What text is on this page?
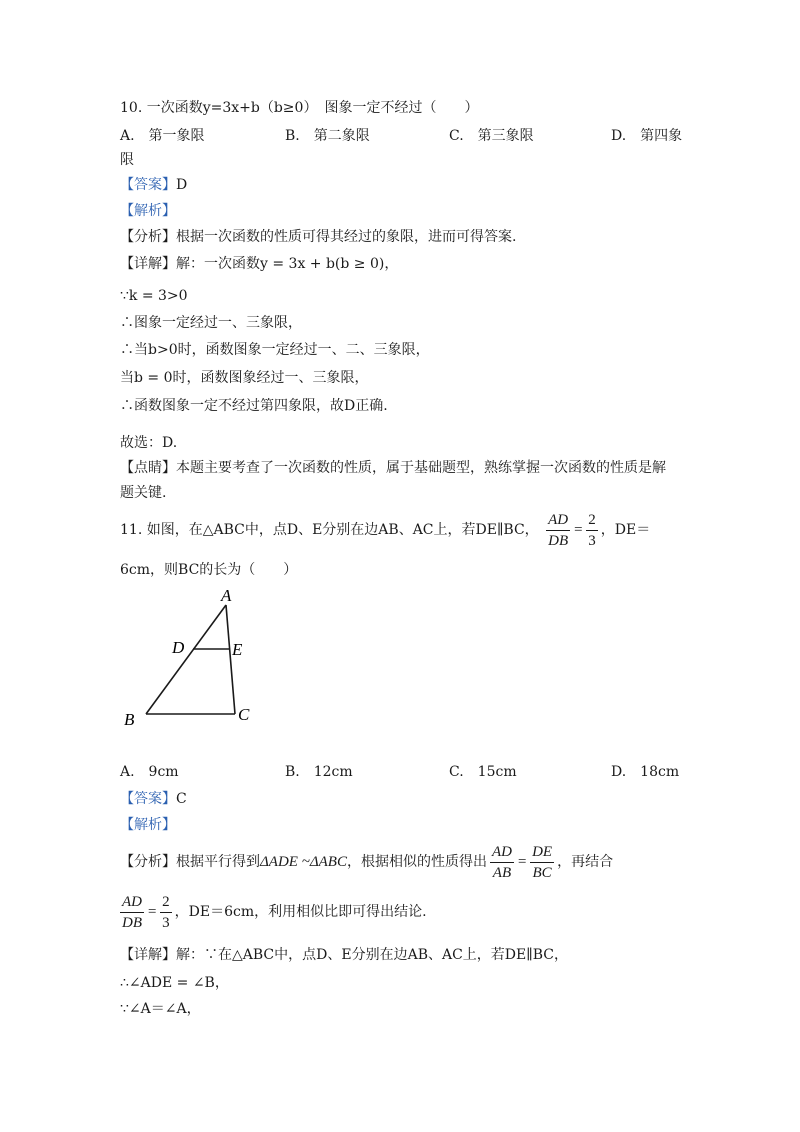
10. 一次函数y=3x+b（b≥0）　图象一定不经过（　　）
A.　第一象限	B.　第二象限	C.　第三象限	D.　第四象
限
【答案】D
【解析】
【分析】根据一次函数的性质可得其经过的象限，进而可得答案.
【详解】解：一次函数y = 3x + b(b ≥ 0)，
∵k = 3>0
∴图象一定经过一、三象限，
∴当b>0时，函数图象一定经过一、二、三象限，
当b = 0时，函数图象经过一、三象限，
∴函数图象一定不经过第四象限，故D正确.
故选：D.
【点睛】本题主要考查了一次函数的性质，属于基础题型，熟练掌握一次函数的性质是解
题关键.
11. 如图，在△ABC中，点D、E分别在边AB、AC上，若DE∥BC， $\frac{AD}{DB} = \frac{2}{3}$ ，DE＝
6cm，则BC的长为（　　）
A
D	E
B	C
A.　9cm	B.　12cm	C.　15cm	D.　18cm
【答案】C
【解析】
【分析】根据平行得到ΔADE ~ΔABC，根据相似的性质得出 $\frac{AD}{AB} = \frac{DE}{BC}$ ，再结合
$\frac{AD}{DB} = \frac{2}{3}$ ，DE＝6cm，利用相似比即可得出结论.
【详解】解：∵在△ABC中，点D、E分别在边AB、AC上，若DE∥BC，
∴∠ADE = ∠B，
∵∠A＝∠A，
